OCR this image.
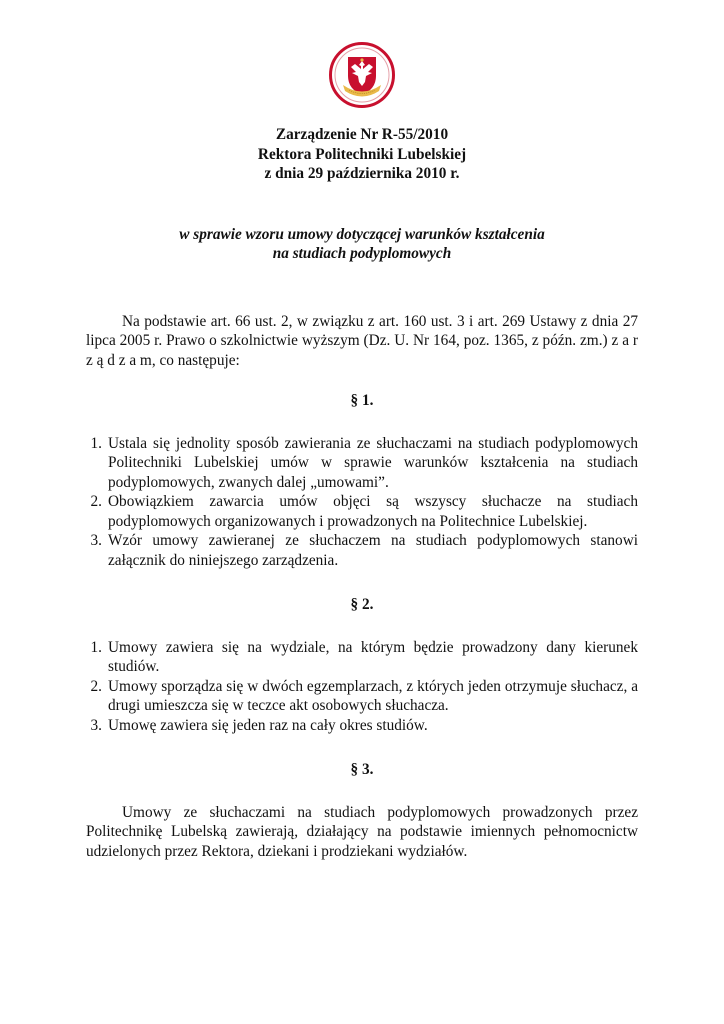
Zarządzenie Nr R-55/2010

Rektora Politechniki Lubelskiej

z dnia 29 października 2010 r.

w sprawie wzoru umowy dotyczącej warunków kształcenia

na studiach podyplomowych

Na podstawie art. 66 ust. 2, w związku z art. 160 ust. 3 i art. 269 Ustawy z dnia 27 lipca 2005 r. Prawo o szkolnictwie wyższym (Dz. U. Nr 164, poz. 1365, z późn. zm.) z a r z ą d z a m, co następuje:

§ 1.
1. Ustala się jednolity sposób zawierania ze słuchaczami na studiach podyplomowych Politechniki Lubelskiej umów w sprawie warunków kształcenia na studiach podyplomowych, zwanych dalej „umowami”.
2. Obowiązkiem zawarcia umów objęci są wszyscy słuchacze na studiach podyplomowych organizowanych i prowadzonych na Politechnice Lubelskiej.
3. Wzór umowy zawieranej ze słuchaczem na studiach podyplomowych stanowi załącznik do niniejszego zarządzenia.
§ 2.
1. Umowy zawiera się na wydziale, na którym będzie prowadzony dany kierunek studiów.
2. Umowy sporządza się w dwóch egzemplarzach, z których jeden otrzymuje słuchacz, a drugi umieszcza się w teczce akt osobowych słuchacza.
3. Umowę zawiera się jeden raz na cały okres studiów.
§ 3.

Umowy ze słuchaczami na studiach podyplomowych prowadzonych przez Politechnikę Lubelską zawierają, działający na podstawie imiennych pełnomocnictw udzielonych przez Rektora, dziekani i prodziekani wydziałów.
